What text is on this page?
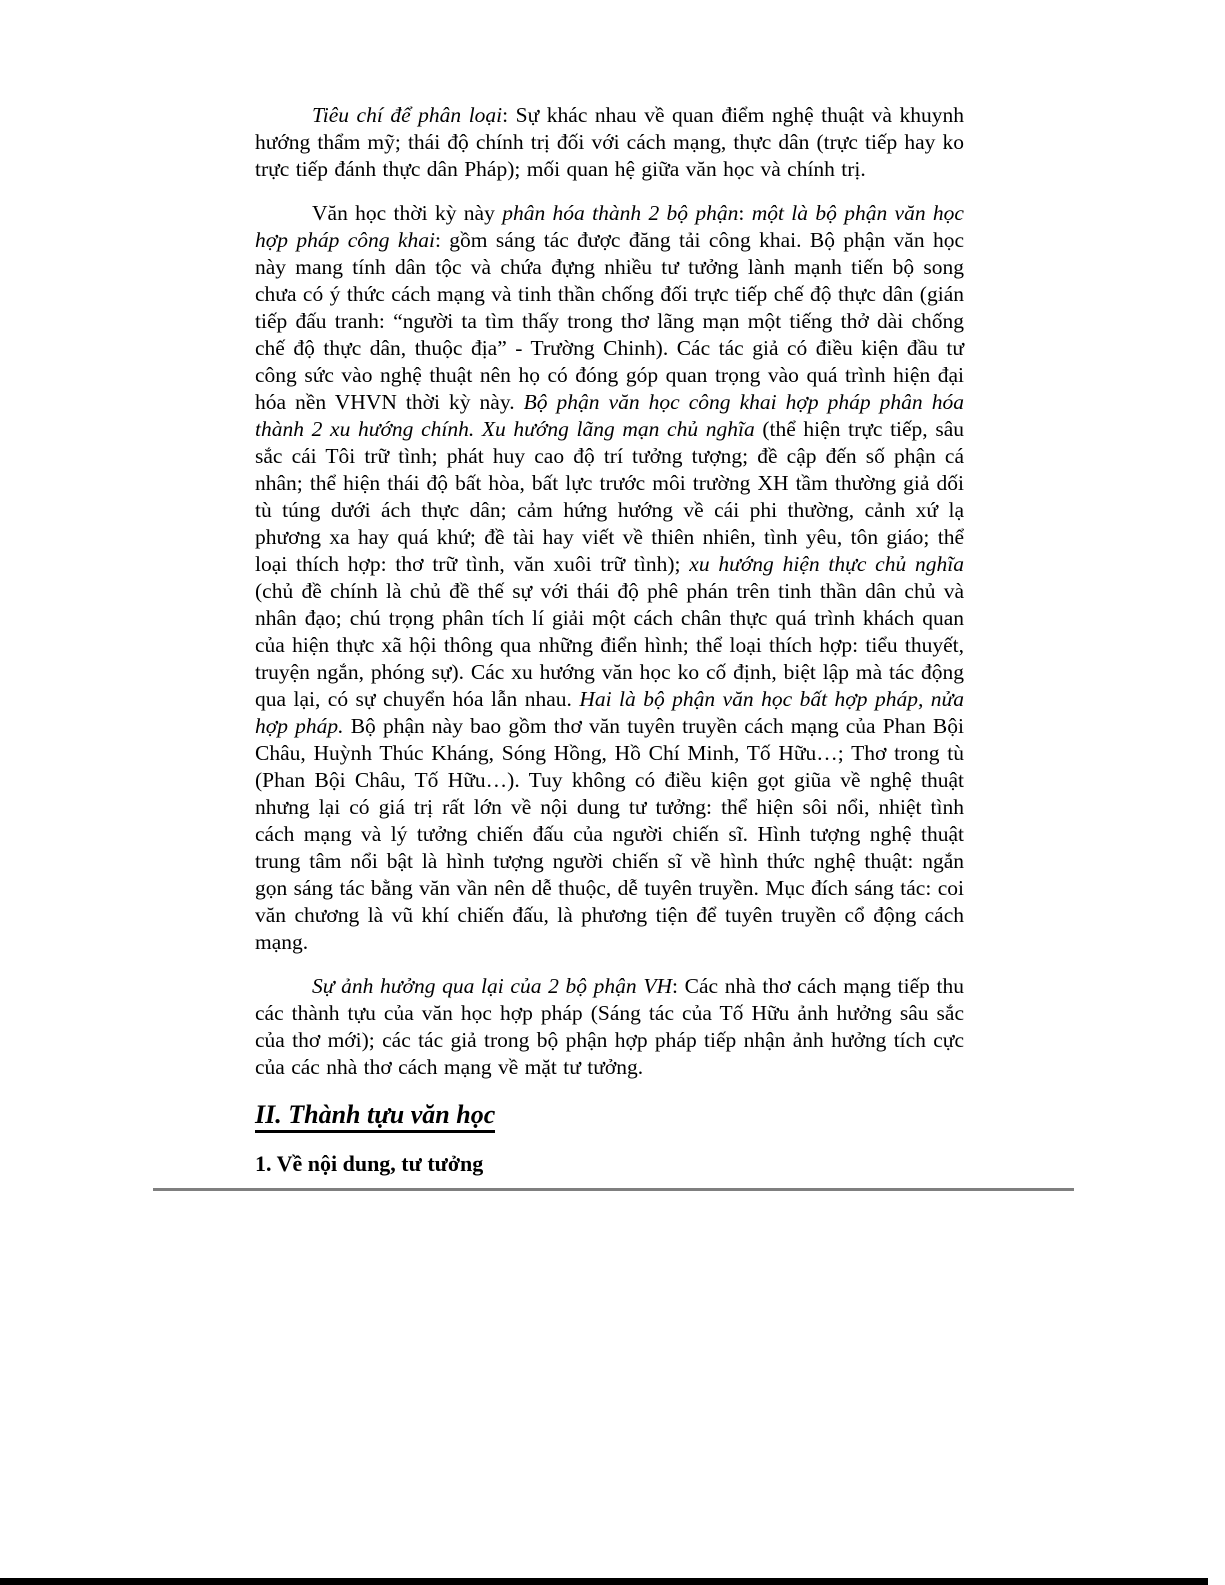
Tiêu chí để phân loại: Sự khác nhau về quan điểm nghệ thuật và khuynh hướng thẩm mỹ; thái độ chính trị đối với cách mạng, thực dân (trực tiếp hay ko trực tiếp đánh thực dân Pháp); mối quan hệ giữa văn học và chính trị.

Văn học thời kỳ này phân hóa thành 2 bộ phận: một là bộ phận văn học hợp pháp công khai: gồm sáng tác được đăng tải công khai. Bộ phận văn học này mang tính dân tộc và chứa đựng nhiều tư tưởng lành mạnh tiến bộ song chưa có ý thức cách mạng và tinh thần chống đối trực tiếp chế độ thực dân (gián tiếp đấu tranh: “người ta tìm thấy trong thơ lãng mạn một tiếng thở dài chống chế độ thực dân, thuộc địa” - Trường Chinh). Các tác giả có điều kiện đầu tư công sức vào nghệ thuật nên họ có đóng góp quan trọng vào quá trình hiện đại hóa nền VHVN thời kỳ này. Bộ phận văn học công khai hợp pháp phân hóa thành 2 xu hướng chính. Xu hướng lãng mạn chủ nghĩa (thể hiện trực tiếp, sâu sắc cái Tôi trữ tình; phát huy cao độ trí tưởng tượng; đề cập đến số phận cá nhân; thể hiện thái độ bất hòa, bất lực trước môi trường XH tầm thường giả dối tù túng dưới ách thực dân; cảm hứng hướng về cái phi thường, cảnh xứ lạ phương xa hay quá khứ; đề tài hay viết về thiên nhiên, tình yêu, tôn giáo; thể loại thích hợp: thơ trữ tình, văn xuôi trữ tình); xu hướng hiện thực chủ nghĩa (chủ đề chính là chủ đề thế sự với thái độ phê phán trên tinh thần dân chủ và nhân đạo; chú trọng phân tích lí giải một cách chân thực quá trình khách quan của hiện thực xã hội thông qua những điển hình; thể loại thích hợp: tiểu thuyết, truyện ngắn, phóng sự). Các xu hướng văn học ko cố định, biệt lập mà tác động qua lại, có sự chuyển hóa lẫn nhau. Hai là bộ phận văn học bất hợp pháp, nửa hợp pháp. Bộ phận này bao gồm thơ văn tuyên truyền cách mạng của Phan Bội Châu, Huỳnh Thúc Kháng, Sóng Hồng, Hồ Chí Minh, Tố Hữu…; Thơ trong tù (Phan Bội Châu, Tố Hữu…). Tuy không có điều kiện gọt giũa về nghệ thuật nhưng lại có giá trị rất lớn về nội dung tư tưởng: thể hiện sôi nổi, nhiệt tình cách mạng và lý tưởng chiến đấu của người chiến sĩ. Hình tượng nghệ thuật trung tâm nổi bật là hình tượng người chiến sĩ về hình thức nghệ thuật: ngắn gọn sáng tác bằng văn vần nên dễ thuộc, dễ tuyên truyền. Mục đích sáng tác: coi văn chương là vũ khí chiến đấu, là phương tiện để tuyên truyền cổ động cách mạng.

Sự ảnh hưởng qua lại của 2 bộ phận VH: Các nhà thơ cách mạng tiếp thu các thành tựu của văn học hợp pháp (Sáng tác của Tố Hữu ảnh hưởng sâu sắc của thơ mới); các tác giả trong bộ phận hợp pháp tiếp nhận ảnh hưởng tích cực của các nhà thơ cách mạng về mặt tư tưởng.

II. Thành tựu văn học
1. Về nội dung, tư tưởng
